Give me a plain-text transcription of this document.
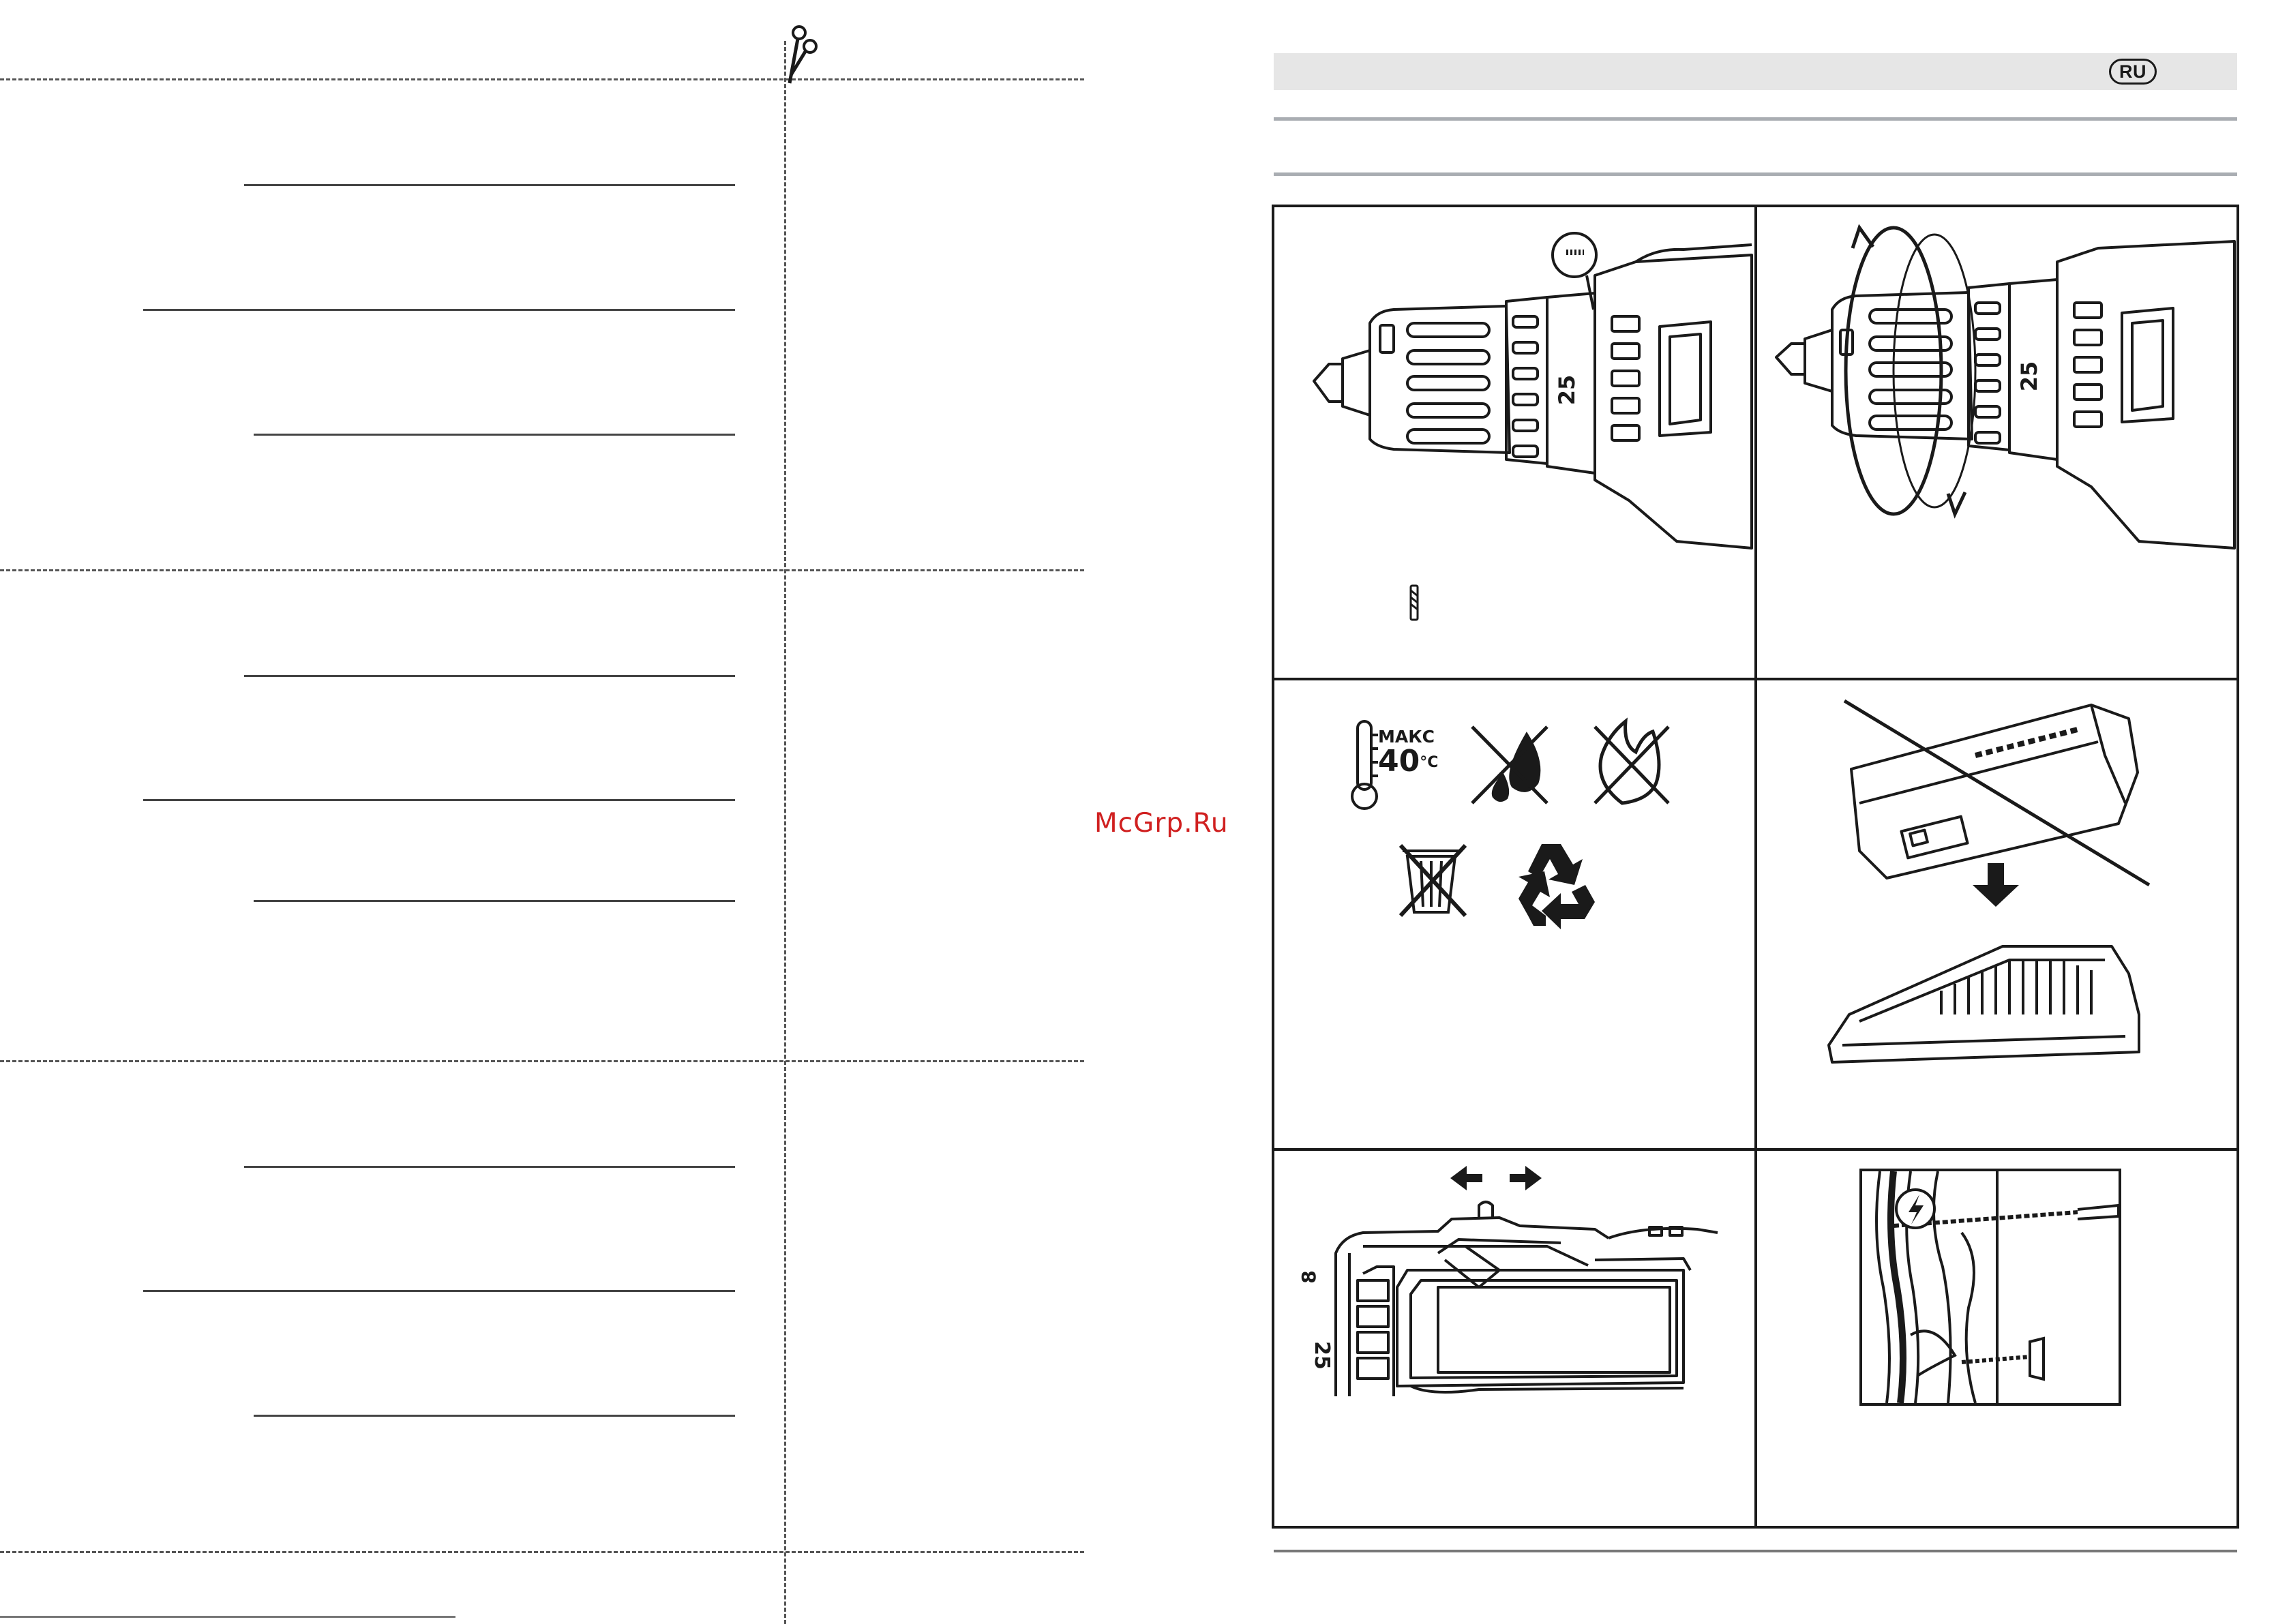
McGrp.Ru
RU
25	25
МАКС
40°C
8
25
